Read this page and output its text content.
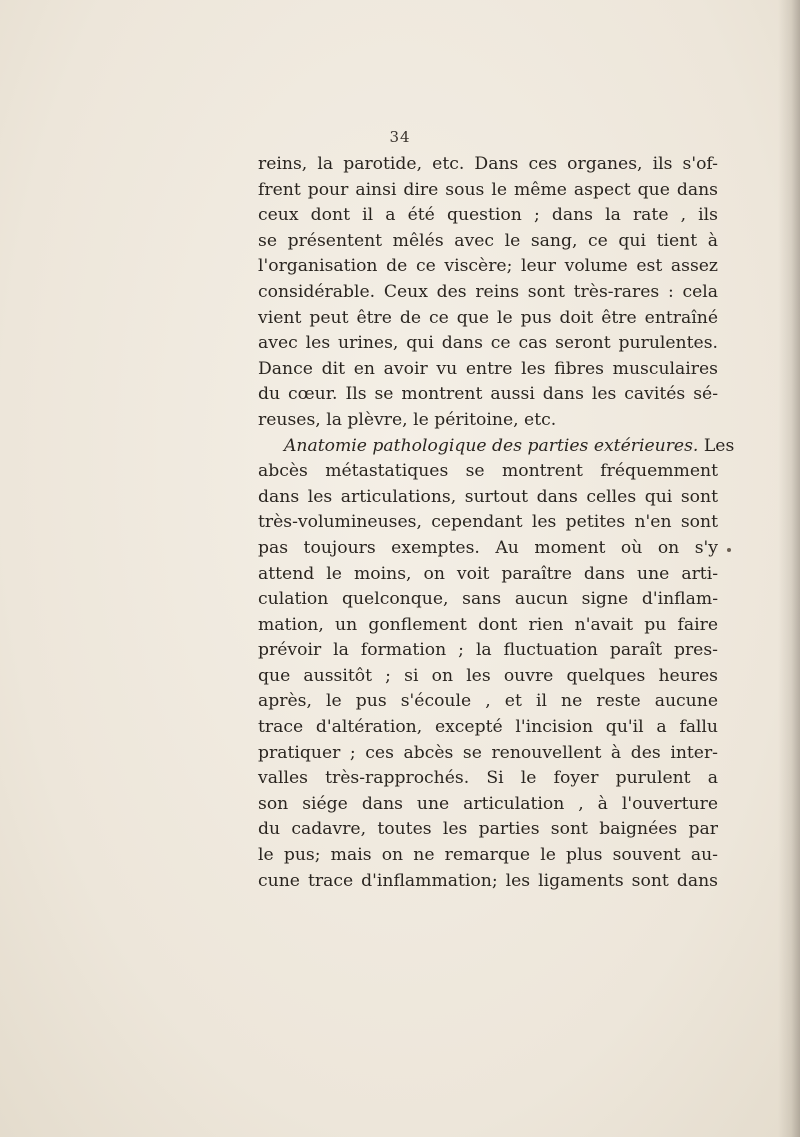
34
reins, la parotide, etc. Dans ces organes, ils s'of-
frent pour ainsi dire sous le même aspect que dans
ceux dont il a été question ; dans la rate , ils
se présentent mêlés avec le sang, ce qui tient à
l'organisation de ce viscère; leur volume est assez
considérable. Ceux des reins sont très-rares : cela
vient peut être de ce que le pus doit être entraîné
avec les urines, qui dans ce cas seront purulentes.
Dance dit en avoir vu entre les fibres musculaires
du cœur. Ils se montrent aussi dans les cavités sé-
reuses, la plèvre, le péritoine, etc.
Anatomie pathologique des parties extérieures. Les
abcès métastatiques se montrent fréquemment
dans les articulations, surtout dans celles qui sont
très-volumineuses, cependant les petites n'en sont
pas toujours exemptes. Au moment où on s'y
attend le moins, on voit paraître dans une arti-
culation quelconque, sans aucun signe d'inflam-
mation, un gonflement dont rien n'avait pu faire
prévoir la formation ; la fluctuation paraît pres-
que aussitôt ; si on les ouvre quelques heures
après, le pus s'écoule , et il ne reste aucune
trace d'altération, excepté l'incision qu'il a fallu
pratiquer ; ces abcès se renouvellent à des inter-
valles très-rapprochés. Si le foyer purulent a
son siége dans une articulation , à l'ouverture
du cadavre, toutes les parties sont baignées par
le pus; mais on ne remarque le plus souvent au-
cune trace d'inflammation; les ligaments sont dans
